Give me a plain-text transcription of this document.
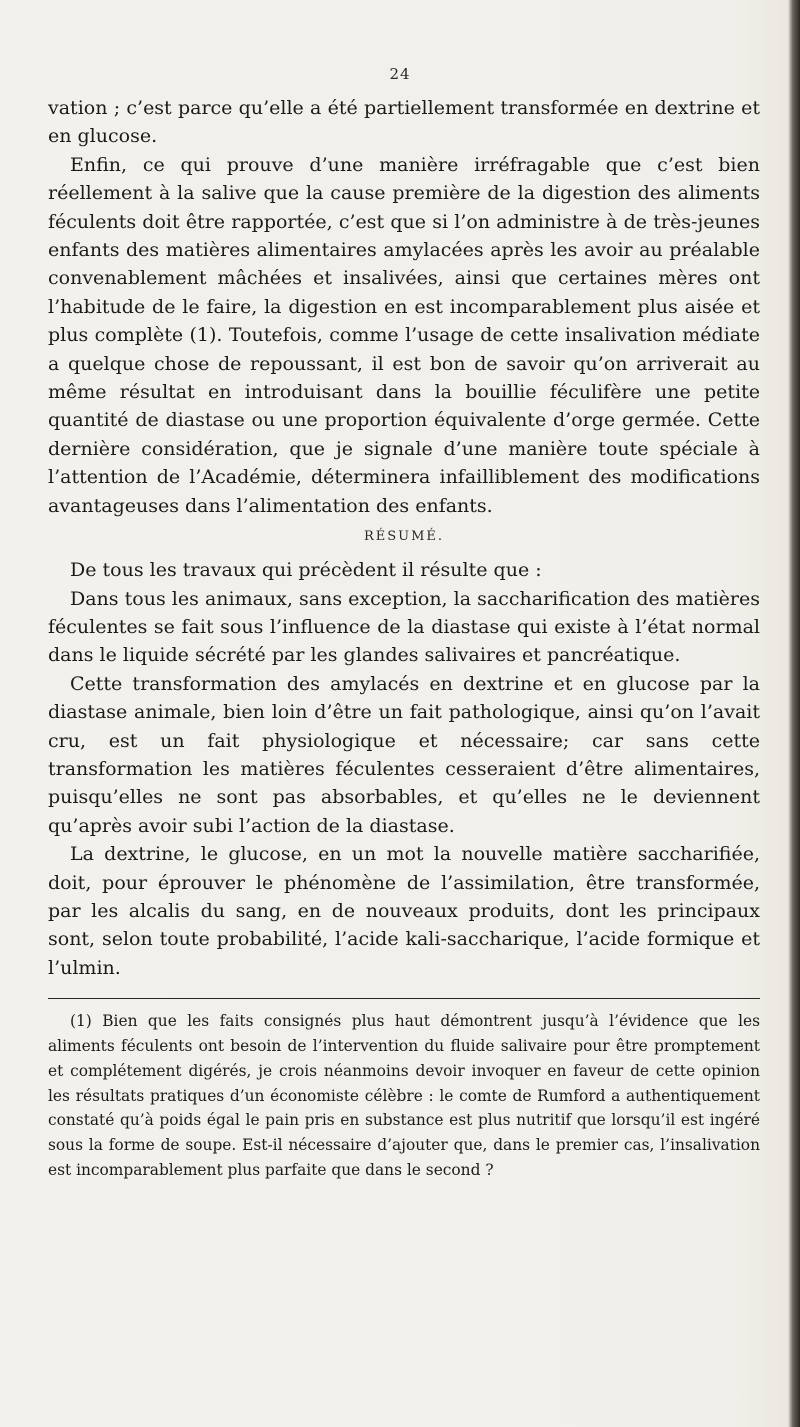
24

vation ; c’est parce qu’elle a été partiellement transformée en dextrine et en glucose.

Enfin, ce qui prouve d’une manière irréfragable que c’est bien réellement à la salive que la cause première de la digestion des aliments féculents doit être rapportée, c’est que si l’on administre à de très-jeunes enfants des matières alimentaires amylacées après les avoir au préalable convenablement mâchées et insalivées, ainsi que certaines mères ont l’habitude de le faire, la digestion en est incomparablement plus aisée et plus complète (1). Toutefois, comme l’usage de cette insalivation médiate a quelque chose de repoussant, il est bon de savoir qu’on arriverait au même résultat en introduisant dans la bouillie féculifère une petite quantité de diastase ou une proportion équivalente d’orge germée. Cette dernière considération, que je signale d’une manière toute spéciale à l’attention de l’Académie, déterminera infailliblement des modifications avantageuses dans l’alimentation des enfants.

RÉSUMÉ.

De tous les travaux qui précèdent il résulte que :

Dans tous les animaux, sans exception, la saccharification des matières féculentes se fait sous l’influence de la diastase qui existe à l’état normal dans le liquide sécrété par les glandes salivaires et pancréatique.

Cette transformation des amylacés en dextrine et en glucose par la diastase animale, bien loin d’être un fait pathologique, ainsi qu’on l’avait cru, est un fait physiologique et nécessaire; car sans cette transformation les matières féculentes cesseraient d’être alimentaires, puisqu’elles ne sont pas absorbables, et qu’elles ne le deviennent qu’après avoir subi l’action de la diastase.

La dextrine, le glucose, en un mot la nouvelle matière saccharifiée, doit, pour éprouver le phénomène de l’assimilation, être transformée, par les alcalis du sang, en de nouveaux produits, dont les principaux sont, selon toute probabilité, l’acide kali-saccharique, l’acide formique et l’ulmin.

(1) Bien que les faits consignés plus haut démontrent jusqu’à l’évidence que les aliments féculents ont besoin de l’intervention du fluide salivaire pour être promptement et complétement digérés, je crois néanmoins devoir invoquer en faveur de cette opinion les résultats pratiques d’un économiste célèbre : le comte de Rumford a authentiquement constaté qu’à poids égal le pain pris en substance est plus nutritif que lorsqu’il est ingéré sous la forme de soupe. Est-il nécessaire d’ajouter que, dans le premier cas, l’insalivation est incomparablement plus parfaite que dans le second ?
